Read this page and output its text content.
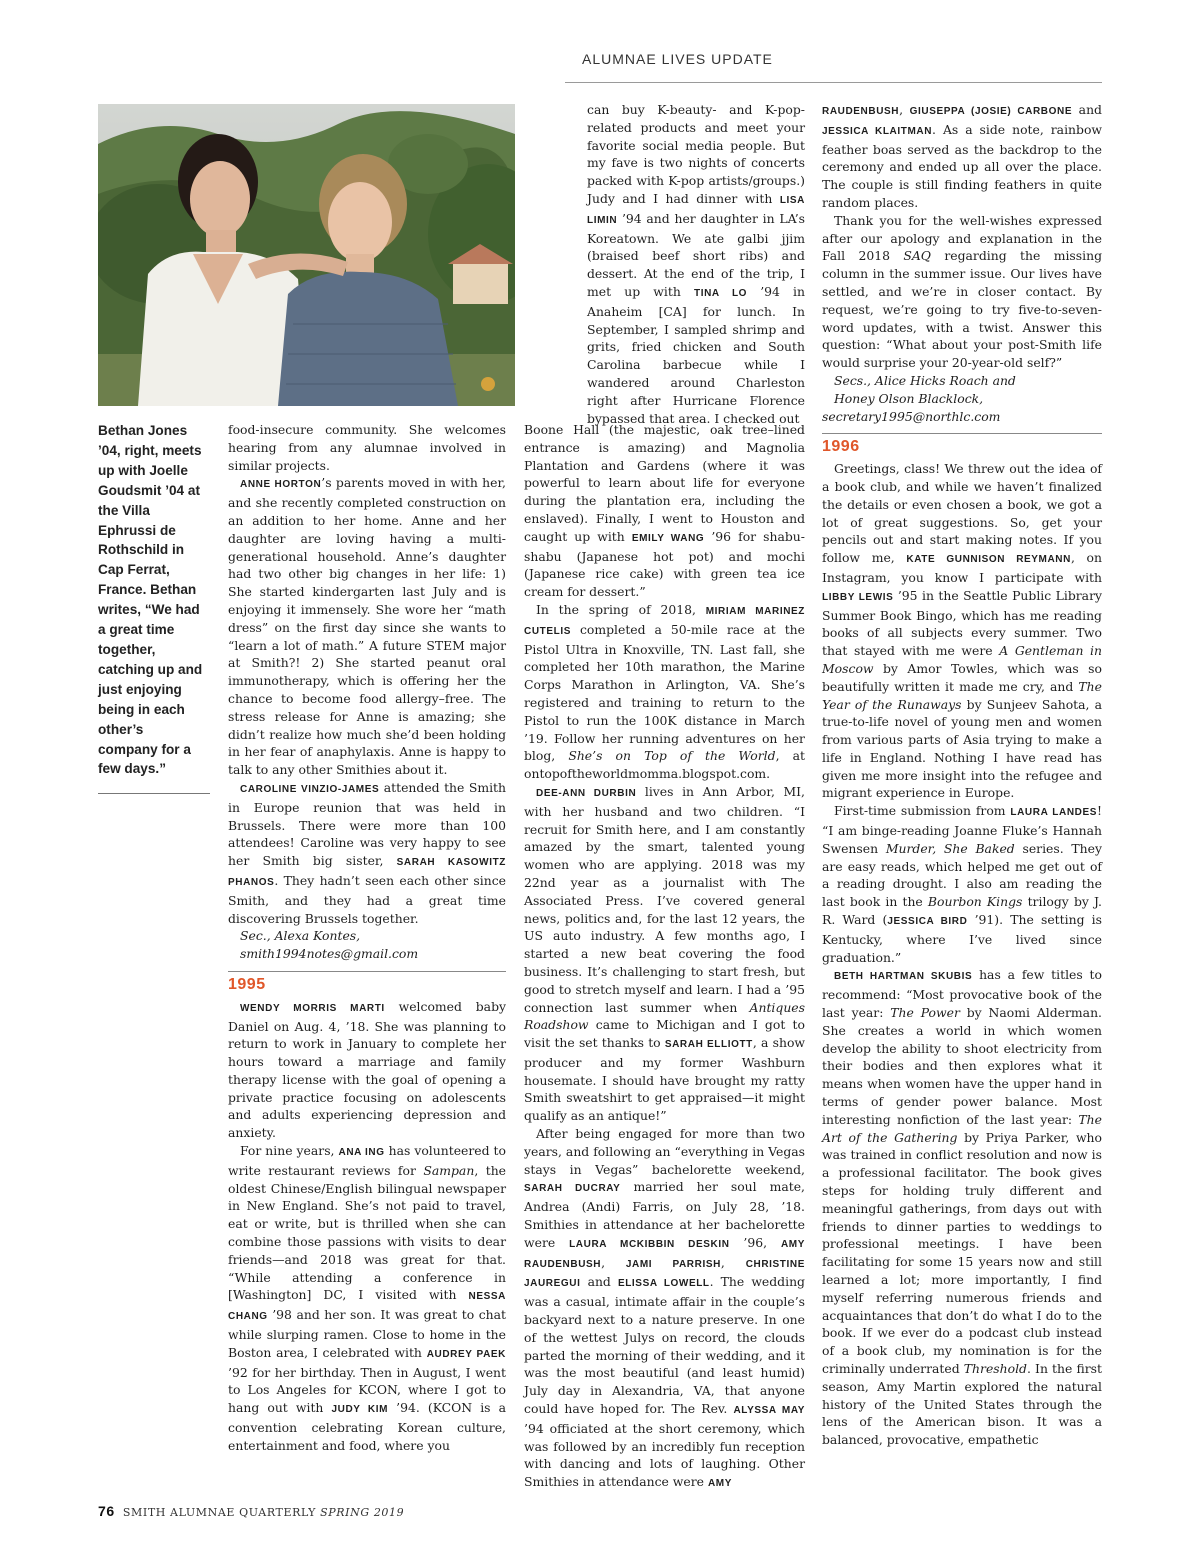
ALUMNAE LIVES UPDATE
Bethan Jones ’04, right, meets up with Joelle Goudsmit ’04 at the Villa Ephrussi de Rothschild in Cap Ferrat, France. Bethan writes, “We had a great time together, catching up and just enjoying being in each other’s company for a few days.”

food-insecure community. She welcomes hearing from any alumnae involved in similar projects.

ANNE HORTON’s parents moved in with her, and she recently completed construction on an addition to her home. Anne and her daughter are loving having a multi-generational household. Anne’s daughter had two other big changes in her life: 1) She started kindergarten last July and is enjoying it immensely. She wore her “math dress” on the first day since she wants to “learn a lot of math.” A future STEM major at Smith?! 2) She started peanut oral immunotherapy, which is offering her the chance to become food allergy–free. The stress release for Anne is amazing; she didn’t realize how much she’d been holding in her fear of anaphylaxis. Anne is happy to talk to any other Smithies about it.

CAROLINE VINZIO-JAMES attended the Smith in Europe reunion that was held in Brussels. There were more than 100 attendees! Caroline was very happy to see her Smith big sister, SARAH KASOWITZ PHANOS. They hadn’t seen each other since Smith, and they had a great time discovering Brussels together.

Sec., Alexa Kontes,

smith1994notes@gmail.com

1995

WENDY MORRIS MARTI welcomed baby Daniel on Aug. 4, ’18. She was planning to return to work in January to complete her hours toward a marriage and family therapy license with the goal of opening a private practice focusing on adolescents and adults experiencing depression and anxiety.

For nine years, ANA ING has volunteered to write restaurant reviews for Sampan, the oldest Chinese/English bilingual newspaper in New England. She’s not paid to travel, eat or write, but is thrilled when she can combine those passions with visits to dear friends—and 2018 was great for that. “While attending a conference in [Washington] DC, I visited with NESSA CHANG ’98 and her son. It was great to chat while slurping ramen. Close to home in the Boston area, I celebrated with AUDREY PAEK ’92 for her birthday. Then in August, I went to Los Angeles for KCON, where I got to hang out with JUDY KIM ’94. (KCON is a convention celebrating Korean culture, entertainment and food, where you

can buy K-beauty- and K-pop-related products and meet your favorite social media people. But my fave is two nights of concerts packed with K-pop artists/groups.) Judy and I had dinner with LISA LIMIN ’94 and her daughter in LA’s Koreatown. We ate galbi jjim (braised beef short ribs) and dessert. At the end of the trip, I met up with TINA LO ’94 in Anaheim [CA] for lunch. In September, I sampled shrimp and grits, fried chicken and South Carolina barbecue while I wandered around Charleston right after Hurricane Florence bypassed that area. I checked out

Boone Hall (the majestic, oak tree–lined entrance is amazing) and Magnolia Plantation and Gardens (where it was powerful to learn about life for everyone during the plantation era, including the enslaved). Finally, I went to Houston and caught up with EMILY WANG ’96 for shabu-shabu (Japanese hot pot) and mochi (Japanese rice cake) with green tea ice cream for dessert.”

In the spring of 2018, MIRIAM MARINEZ CUTELIS completed a 50-mile race at the Pistol Ultra in Knoxville, TN. Last fall, she completed her 10th marathon, the Marine Corps Marathon in Arlington, VA. She’s registered and training to return to the Pistol to run the 100K distance in March ’19. Follow her running adventures on her blog, She’s on Top of the World, at ontopoftheworldmomma.blogspot.com.

DEE-ANN DURBIN lives in Ann Arbor, MI, with her husband and two children. “I recruit for Smith here, and I am constantly amazed by the smart, talented young women who are applying. 2018 was my 22nd year as a journalist with The Associated Press. I’ve covered general news, politics and, for the last 12 years, the US auto industry. A few months ago, I started a new beat covering the food business. It’s challenging to start fresh, but good to stretch myself and learn. I had a ’95 connection last summer when Antiques Roadshow came to Michigan and I got to visit the set thanks to SARAH ELLIOTT, a show producer and my former Washburn housemate. I should have brought my ratty Smith sweatshirt to get appraised—it might qualify as an antique!”

After being engaged for more than two years, and following an “everything in Vegas stays in Vegas” bachelorette weekend, SARAH DUCRAY married her soul mate, Andrea (Andi) Farris, on July 28, ’18. Smithies in attendance at her bachelorette were LAURA MCKIBBIN DESKIN ’96, AMY RAUDENBUSH, JAMI PARRISH, CHRISTINE JAUREGUI and ELISSA LOWELL. The wedding was a casual, intimate affair in the couple’s backyard next to a nature preserve. In one of the wettest Julys on record, the clouds parted the morning of their wedding, and it was the most beautiful (and least humid) July day in Alexandria, VA, that anyone could have hoped for. The Rev. ALYSSA MAY ’94 officiated at the short ceremony, which was followed by an incredibly fun reception with dancing and lots of laughing. Other Smithies in attendance were AMY

RAUDENBUSH, GIUSEPPA (JOSIE) CARBONE and JESSICA KLAITMAN. As a side note, rainbow feather boas served as the backdrop to the ceremony and ended up all over the place. The couple is still finding feathers in quite random places.

Thank you for the well-wishes expressed after our apology and explanation in the Fall 2018 SAQ regarding the missing column in the summer issue. Our lives have settled, and we’re in closer contact. By request, we’re going to try five-to-seven-word updates, with a twist. Answer this question: “What about your post-Smith life would surprise your 20-year-old self?”

Secs., Alice Hicks Roach and

Honey Olson Blacklock,

secretary1995@northlc.com

1996

Greetings, class! We threw out the idea of a book club, and while we haven’t finalized the details or even chosen a book, we got a lot of great suggestions. So, get your pencils out and start making notes. If you follow me, KATE GUNNISON REYMANN, on Instagram, you know I participate with LIBBY LEWIS ’95 in the Seattle Public Library Summer Book Bingo, which has me reading books of all subjects every summer. Two that stayed with me were A Gentleman in Moscow by Amor Towles, which was so beautifully written it made me cry, and The Year of the Runaways by Sunjeev Sahota, a true-to-life novel of young men and women from various parts of Asia trying to make a life in England. Nothing I have read has given me more insight into the refugee and migrant experience in Europe.

First-time submission from LAURA LANDES! “I am binge-reading Joanne Fluke’s Hannah Swensen Murder, She Baked series. They are easy reads, which helped me get out of a reading drought. I also am reading the last book in the Bourbon Kings trilogy by J. R. Ward (JESSICA BIRD ’91). The setting is Kentucky, where I’ve lived since graduation.”

BETH HARTMAN SKUBIS has a few titles to recommend: “Most provocative book of the last year: The Power by Naomi Alderman. She creates a world in which women develop the ability to shoot electricity from their bodies and then explores what it means when women have the upper hand in terms of gender power balance. Most interesting nonfiction of the last year: The Art of the Gathering by Priya Parker, who was trained in conflict resolution and now is a professional facilitator. The book gives steps for holding truly different and meaningful gatherings, from days out with friends to dinner parties to weddings to professional meetings. I have been facilitating for some 15 years now and still learned a lot; more importantly, I find myself referring numerous friends and acquaintances that don’t do what I do to the book. If we ever do a podcast club instead of a book club, my nomination is for the criminally underrated Threshold. In the first season, Amy Martin explored the natural history of the United States through the lens of the American bison. It was a balanced, provocative, empathetic

76 SMITH ALUMNAE QUARTERLY SPRING 2019
